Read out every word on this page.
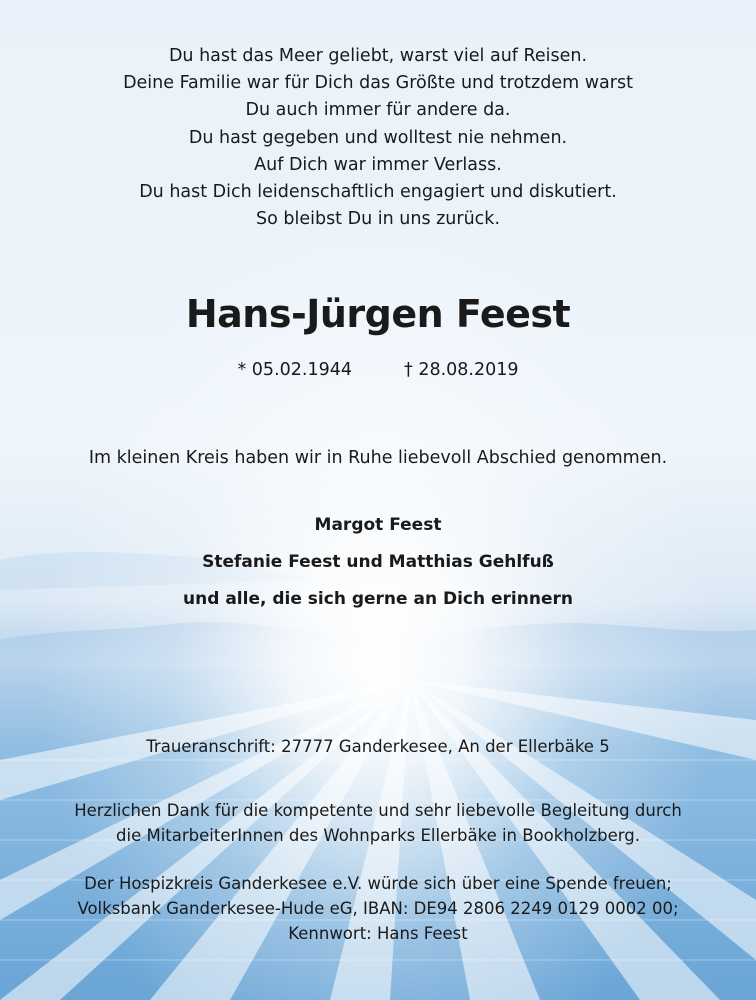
Du hast das Meer geliebt, warst viel auf Reisen.
Deine Familie war für Dich das Größte und trotzdem warst
Du auch immer für andere da.
Du hast gegeben und wolltest nie nehmen.
Auf Dich war immer Verlass.
Du hast Dich leidenschaftlich engagiert und diskutiert.
So bleibst Du in uns zurück.
Hans-Jürgen Feest
* 05.02.1944	† 28.08.2019
Im kleinen Kreis haben wir in Ruhe liebevoll Abschied genommen.
Margot Feest
Stefanie Feest und Matthias Gehlfuß
und alle, die sich gerne an Dich erinnern
Traueranschrift: 27777 Ganderkesee, An der Ellerbäke 5
Herzlichen Dank für die kompetente und sehr liebevolle Begleitung durch
die MitarbeiterInnen des Wohnparks Ellerbäke in Bookholzberg.
Der Hospizkreis Ganderkesee e.V. würde sich über eine Spende freuen;
Volksbank Ganderkesee-Hude eG, IBAN: DE94 2806 2249 0129 0002 00;
Kennwort: Hans Feest
